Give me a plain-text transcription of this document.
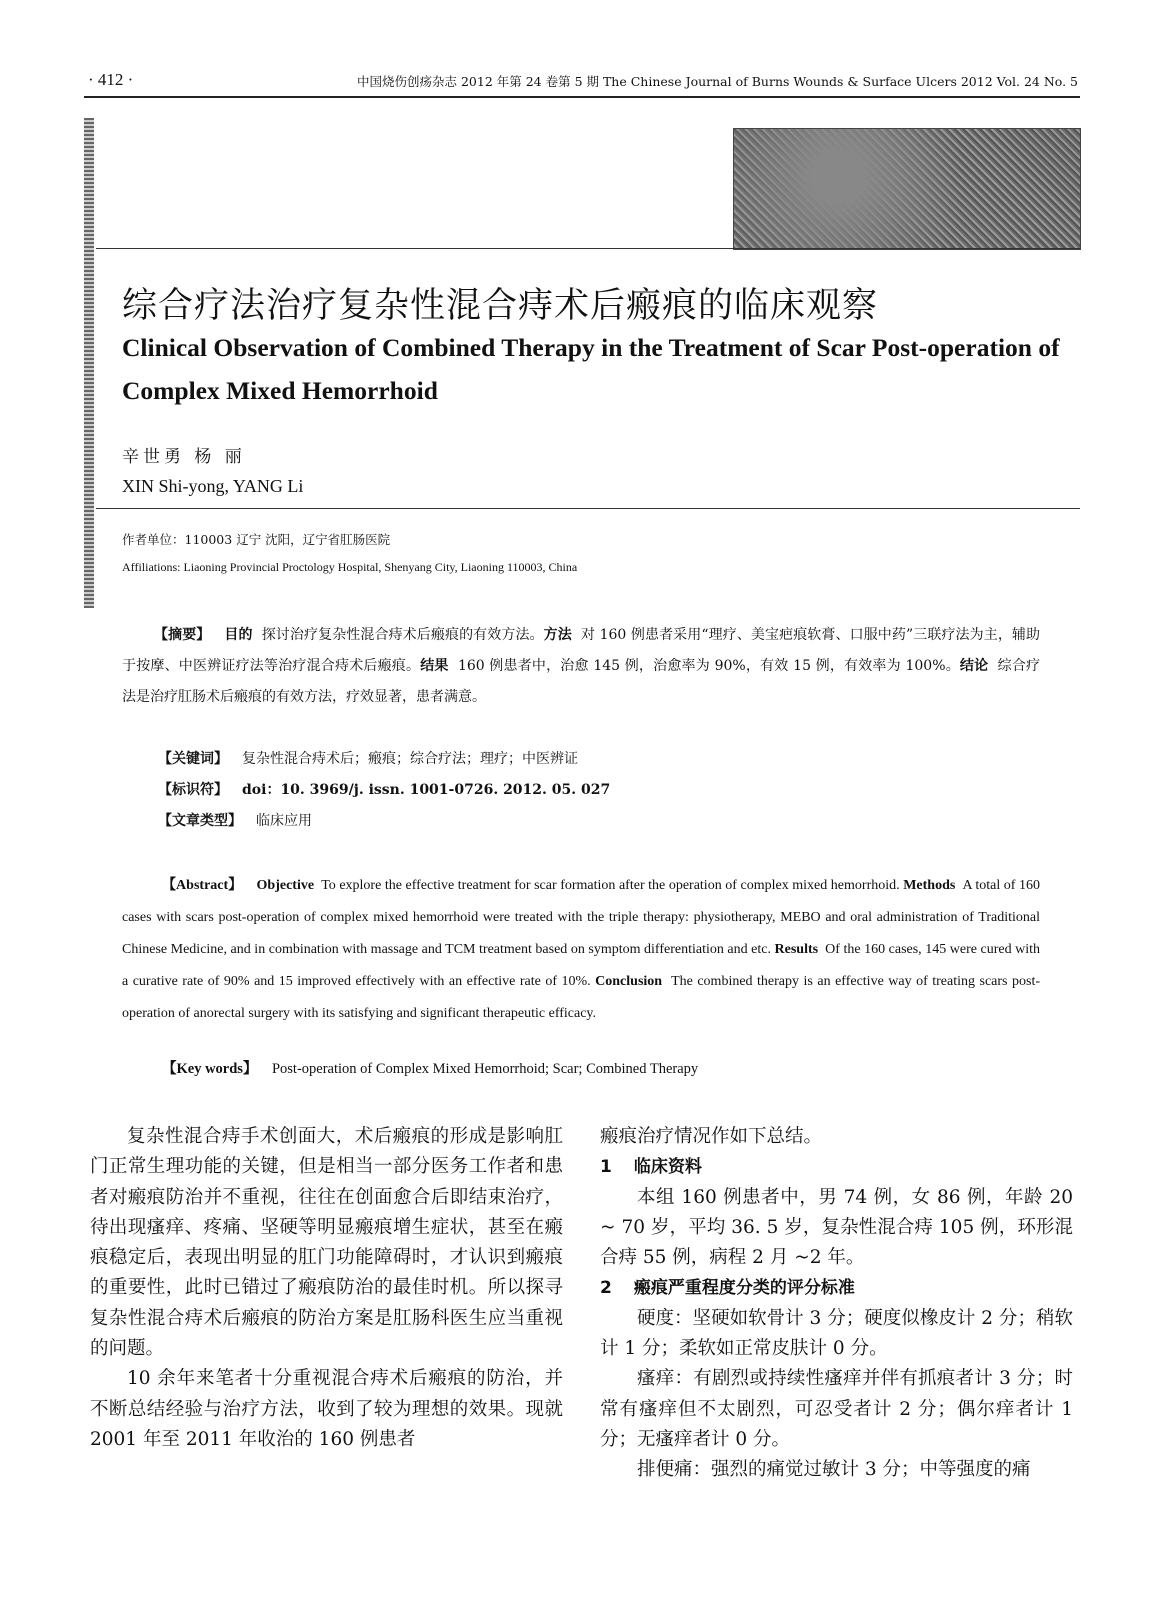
· 412 ·	中国烧伤创疡杂志 2012 年第 24 卷第 5 期 The Chinese Journal of Burns Wounds & Surface Ulcers 2012 Vol. 24 No. 5
综合疗法治疗复杂性混合痔术后瘢痕的临床观察
Clinical Observation of Combined Therapy in the Treatment of Scar Post-operation of Complex Mixed Hemorrhoid
辛世勇 杨 丽
XIN Shi-yong, YANG Li
作者单位：110003 辽宁 沈阳，辽宁省肛肠医院
Affiliations: Liaoning Provincial Proctology Hospital, Shenyang City, Liaoning 110003, China
【摘要】 目的 探讨治疗复杂性混合痔术后瘢痕的有效方法。方法 对 160 例患者采用“理疗、美宝疤痕软膏、口服中药”三联疗法为主，辅助于按摩、中医辨证疗法等治疗混合痔术后瘢痕。结果 160 例患者中，治愈 145 例，治愈率为 90%，有效 15 例，有效率为 100%。结论 综合疗法是治疗肛肠术后瘢痕的有效方法，疗效显著，患者满意。
【关键词】 复杂性混合痔术后；瘢痕；综合疗法；理疗；中医辨证
【标识符】 doi：10. 3969/j. issn. 1001-0726. 2012. 05. 027
【文章类型】 临床应用
【Abstract】 Objective To explore the effective treatment for scar formation after the operation of complex mixed hemorrhoid. Methods A total of 160 cases with scars post-operation of complex mixed hemorrhoid were treated with the triple therapy: physiotherapy, MEBO and oral administration of Traditional Chinese Medicine, and in combination with massage and TCM treatment based on symptom differentiation and etc. Results Of the 160 cases, 145 were cured with a curative rate of 90% and 15 improved effectively with an effective rate of 10%. Conclusion The combined therapy is an effective way of treating scars post-operation of anorectal surgery with its satisfying and significant therapeutic efficacy.
【Key words】 Post-operation of Complex Mixed Hemorrhoid; Scar; Combined Therapy

复杂性混合痔手术创面大，术后瘢痕的形成是影响肛门正常生理功能的关键，但是相当一部分医务工作者和患者对瘢痕防治并不重视，往往在创面愈合后即结束治疗，待出现瘙痒、疼痛、坚硬等明显瘢痕增生症状，甚至在瘢痕稳定后，表现出明显的肛门功能障碍时，才认识到瘢痕的重要性，此时已错过了瘢痕防治的最佳时机。所以探寻复杂性混合痔术后瘢痕的防治方案是肛肠科医生应当重视的问题。

10 余年来笔者十分重视混合痔术后瘢痕的防治，并不断总结经验与治疗方法，收到了较为理想的效果。现就 2001 年至 2011 年收治的 160 例患者

瘢痕治疗情况作如下总结。

1 临床资料

本组 160 例患者中，男 74 例，女 86 例，年龄 20 ~ 70 岁，平均 36. 5 岁，复杂性混合痔 105 例，环形混合痔 55 例，病程 2 月 ~2 年。

2 瘢痕严重程度分类的评分标准

硬度：坚硬如软骨计 3 分；硬度似橡皮计 2 分；稍软计 1 分；柔软如正常皮肤计 0 分。

瘙痒：有剧烈或持续性瘙痒并伴有抓痕者计 3 分；时常有瘙痒但不太剧烈，可忍受者计 2 分；偶尔痒者计 1 分；无瘙痒者计 0 分。

排便痛：强烈的痛觉过敏计 3 分；中等强度的痛
